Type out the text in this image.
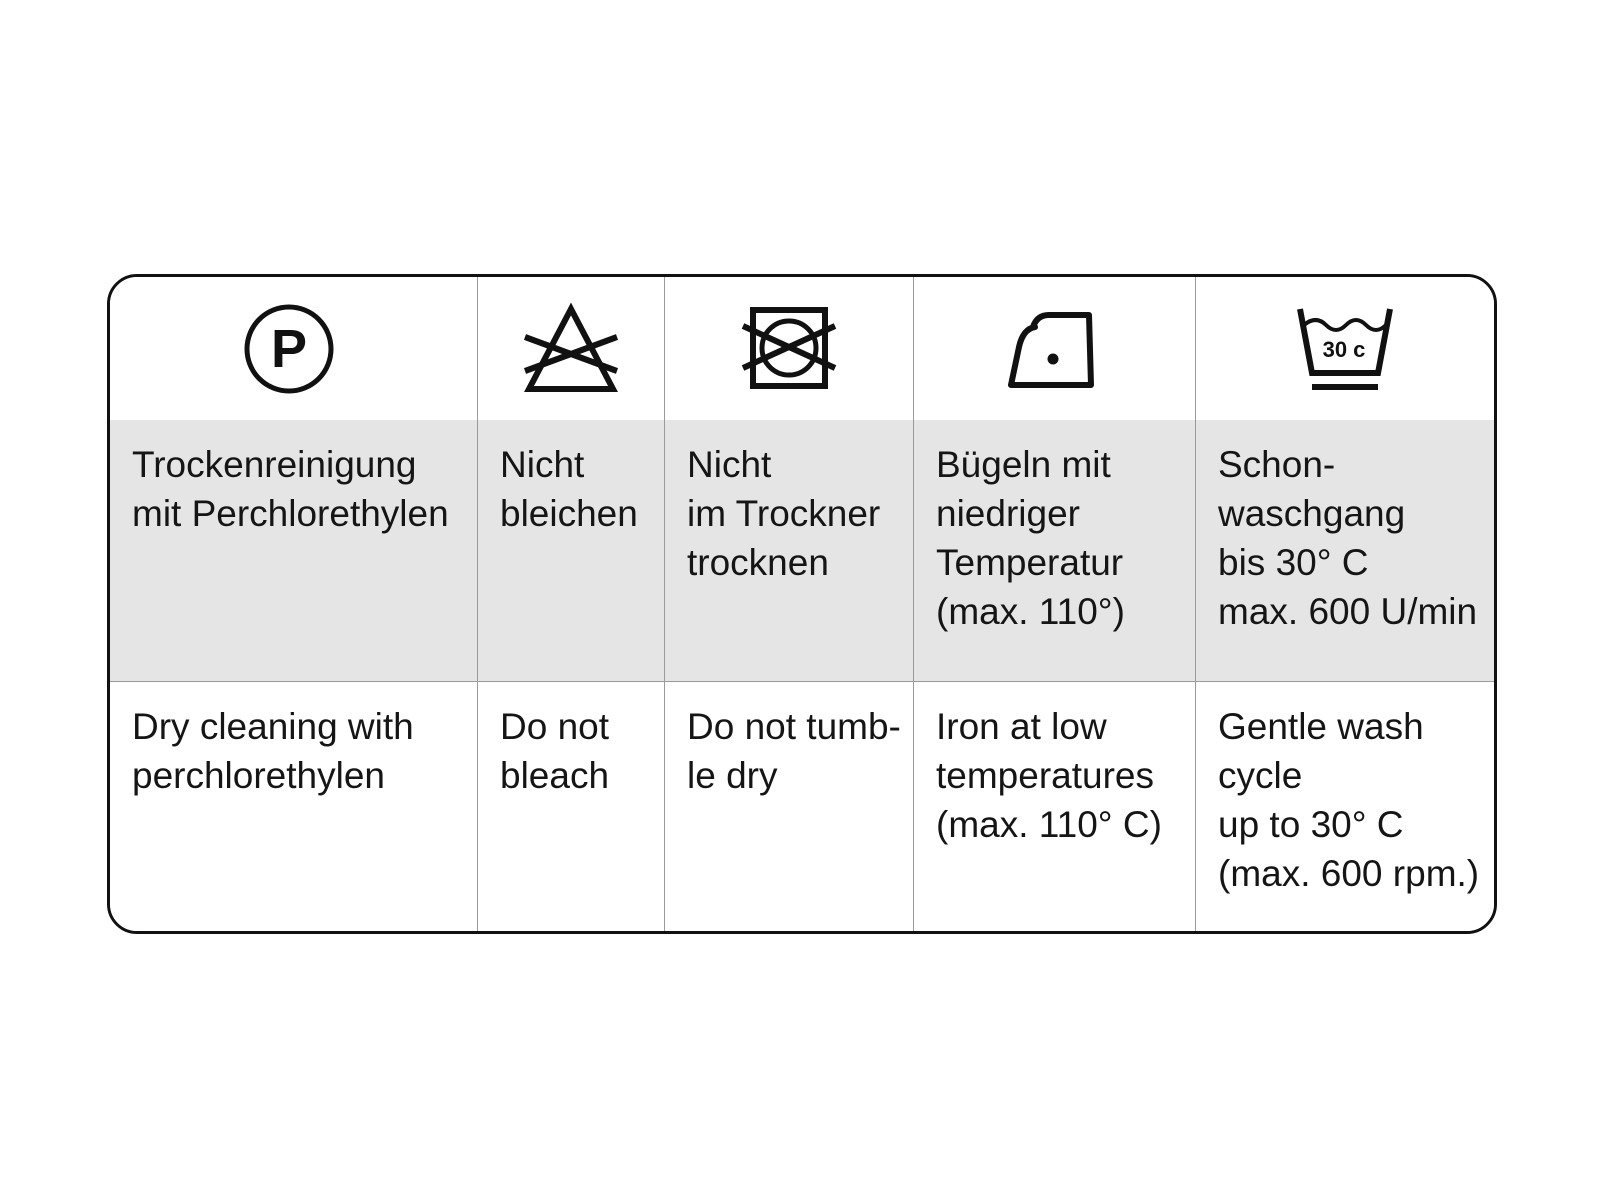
P	30 c
Trockenreinigung
mit Perchlorethylen
Nicht
bleichen
Nicht
im Trockner
trocknen
Bügeln mit
niedriger
Temperatur
(max. 110°)
Schon-
waschgang
bis 30° C
max. 600 U/min
Dry cleaning with
perchlorethylen
Do not
bleach
Do not tumb-
le dry
Iron at low
temperatures
(max. 110° C)
Gentle wash
cycle
up to 30° C
(max. 600 rpm.)
